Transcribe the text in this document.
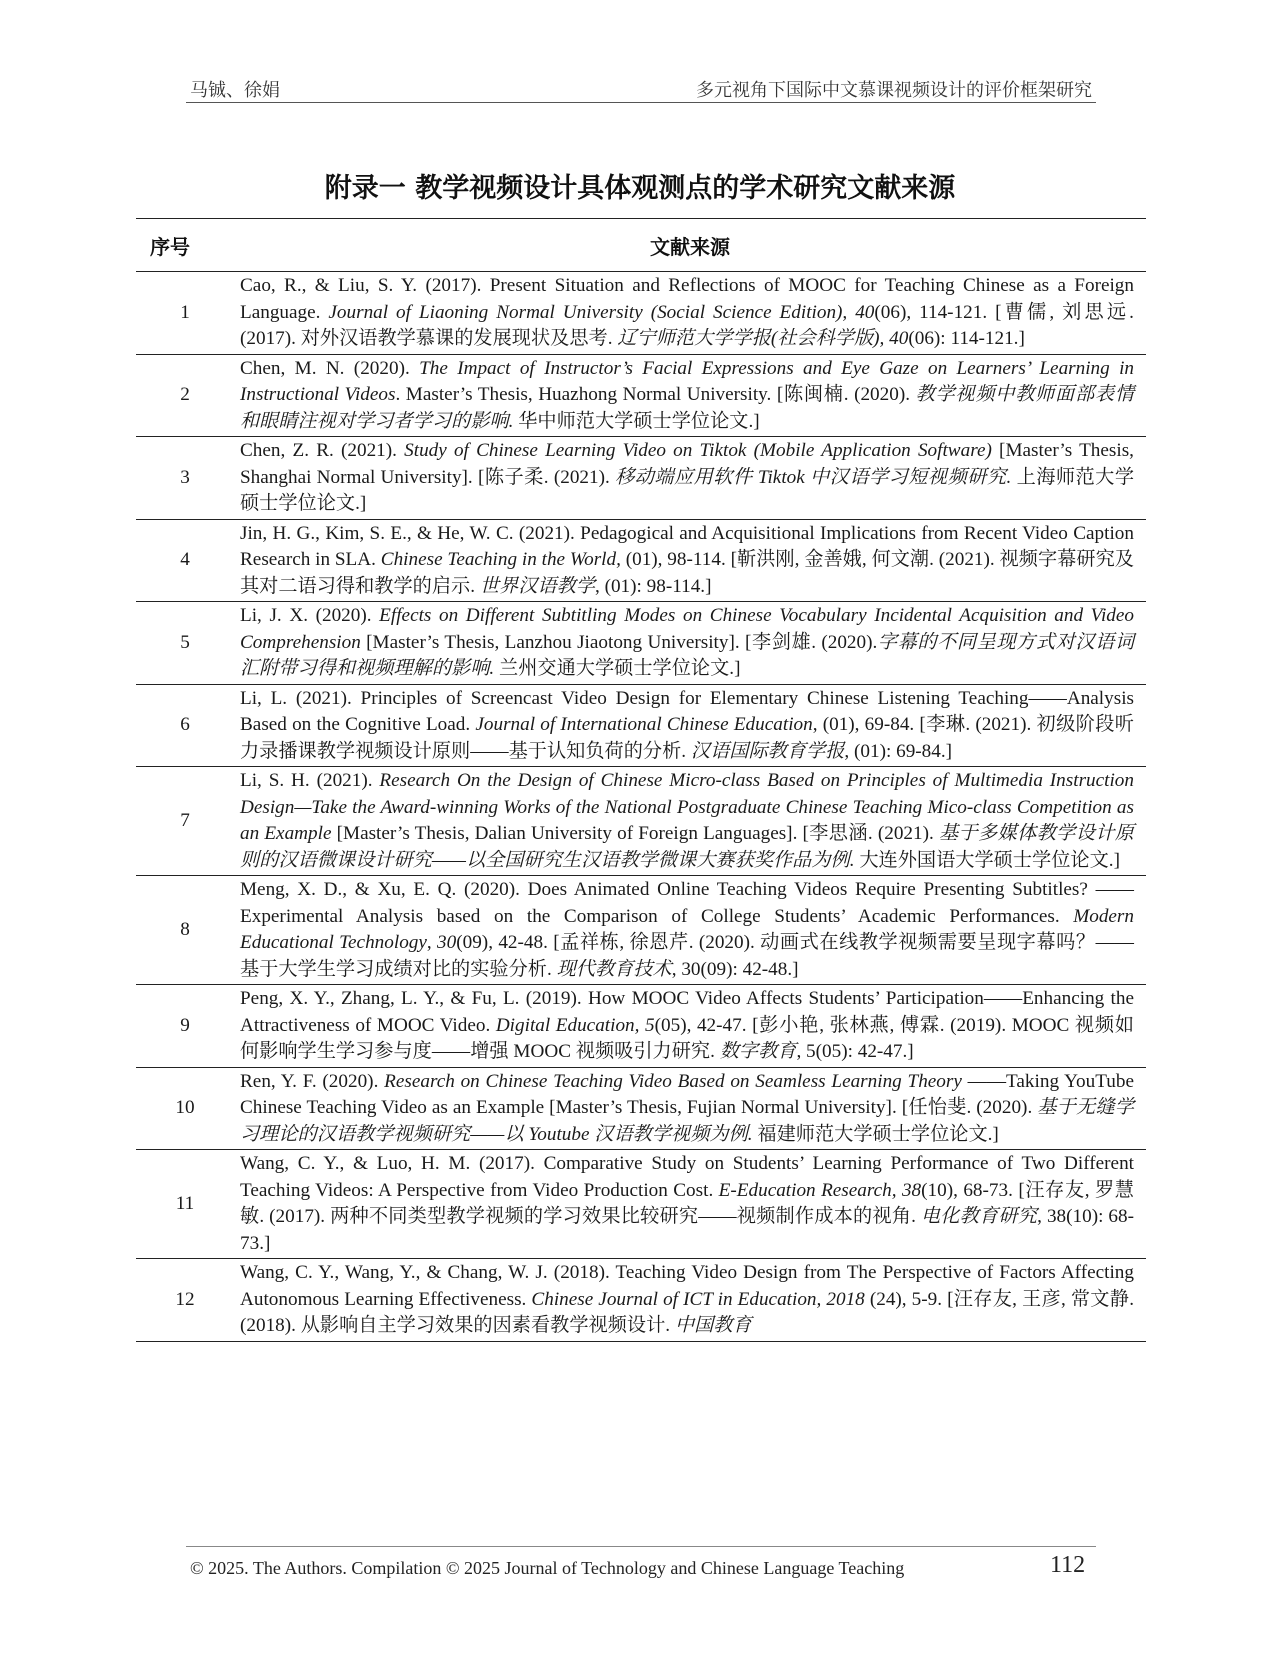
马铖、徐娟	多元视角下国际中文慕课视频设计的评价框架研究
附录一 教学视频设计具体观测点的学术研究文献来源
序号	文献来源
1	Cao, R., & Liu, S. Y. (2017). Present Situation and Reflections of MOOC for Teaching Chinese as a Foreign Language. Journal of Liaoning Normal University (Social Science Edition), 40(06), 114-121. [曹儒, 刘思远. (2017). 对外汉语教学慕课的发展现状及思考. 辽宁师范大学学报(社会科学版), 40(06): 114-121.]
2	Chen, M. N. (2020). The Impact of Instructor’s Facial Expressions and Eye Gaze on Learners’ Learning in Instructional Videos. Master’s Thesis, Huazhong Normal University. [陈闽楠. (2020). 教学视频中教师面部表情和眼睛注视对学习者学习的影响. 华中师范大学硕士学位论文.]
3	Chen, Z. R. (2021). Study of Chinese Learning Video on Tiktok (Mobile Application Software) [Master’s Thesis, Shanghai Normal University]. [陈子柔. (2021). 移动端应用软件 Tiktok 中汉语学习短视频研究. 上海师范大学硕士学位论文.]
4	Jin, H. G., Kim, S. E., & He, W. C. (2021). Pedagogical and Acquisitional Implications from Recent Video Caption Research in SLA. Chinese Teaching in the World, (01), 98-114. [靳洪刚, 金善娥, 何文潮. (2021). 视频字幕研究及其对二语习得和教学的启示. 世界汉语教学, (01): 98-114.]
5	Li, J. X. (2020). Effects on Different Subtitling Modes on Chinese Vocabulary Incidental Acquisition and Video Comprehension [Master’s Thesis, Lanzhou Jiaotong University]. [李剑雄. (2020).字幕的不同呈现方式对汉语词汇附带习得和视频理解的影响. 兰州交通大学硕士学位论文.]
6	Li, L. (2021). Principles of Screencast Video Design for Elementary Chinese Listening Teaching——Analysis Based on the Cognitive Load. Journal of International Chinese Education, (01), 69-84. [李琳. (2021). 初级阶段听力录播课教学视频设计原则——基于认知负荷的分析. 汉语国际教育学报, (01): 69-84.]
7	Li, S. H. (2021). Research On the Design of Chinese Micro-class Based on Principles of Multimedia Instruction Design—Take the Award-winning Works of the National Postgraduate Chinese Teaching Mico-class Competition as an Example [Master’s Thesis, Dalian University of Foreign Languages]. [李思涵. (2021). 基于多媒体教学设计原则的汉语微课设计研究——以全国研究生汉语教学微课大赛获奖作品为例. 大连外国语大学硕士学位论文.]
8	Meng, X. D., & Xu, E. Q. (2020). Does Animated Online Teaching Videos Require Presenting Subtitles? ——Experimental Analysis based on the Comparison of College Students’ Academic Performances. Modern Educational Technology, 30(09), 42-48. [孟祥栋, 徐恩芹. (2020). 动画式在线教学视频需要呈现字幕吗？——基于大学生学习成绩对比的实验分析. 现代教育技术, 30(09): 42-48.]
9	Peng, X. Y., Zhang, L. Y., & Fu, L. (2019). How MOOC Video Affects Students’ Participation——Enhancing the Attractiveness of MOOC Video. Digital Education, 5(05), 42-47. [彭小艳, 张林燕, 傅霖. (2019). MOOC 视频如何影响学生学习参与度——增强 MOOC 视频吸引力研究. 数字教育, 5(05): 42-47.]
10	Ren, Y. F. (2020). Research on Chinese Teaching Video Based on Seamless Learning Theory ——Taking YouTube Chinese Teaching Video as an Example [Master’s Thesis, Fujian Normal University]. [任怡斐. (2020). 基于无缝学习理论的汉语教学视频研究——以 Youtube 汉语教学视频为例. 福建师范大学硕士学位论文.]
11	Wang, C. Y., & Luo, H. M. (2017). Comparative Study on Students’ Learning Performance of Two Different Teaching Videos: A Perspective from Video Production Cost. E-Education Research, 38(10), 68-73. [汪存友, 罗慧敏. (2017). 两种不同类型教学视频的学习效果比较研究——视频制作成本的视角. 电化教育研究, 38(10): 68-73.]
12	Wang, C. Y., Wang, Y., & Chang, W. J. (2018). Teaching Video Design from The Perspective of Factors Affecting Autonomous Learning Effectiveness. Chinese Journal of ICT in Education, 2018 (24), 5-9. [汪存友, 王彦, 常文静. (2018). 从影响自主学习效果的因素看教学视频设计. 中国教育
© 2025. The Authors. Compilation © 2025 Journal of Technology and Chinese Language Teaching	112
